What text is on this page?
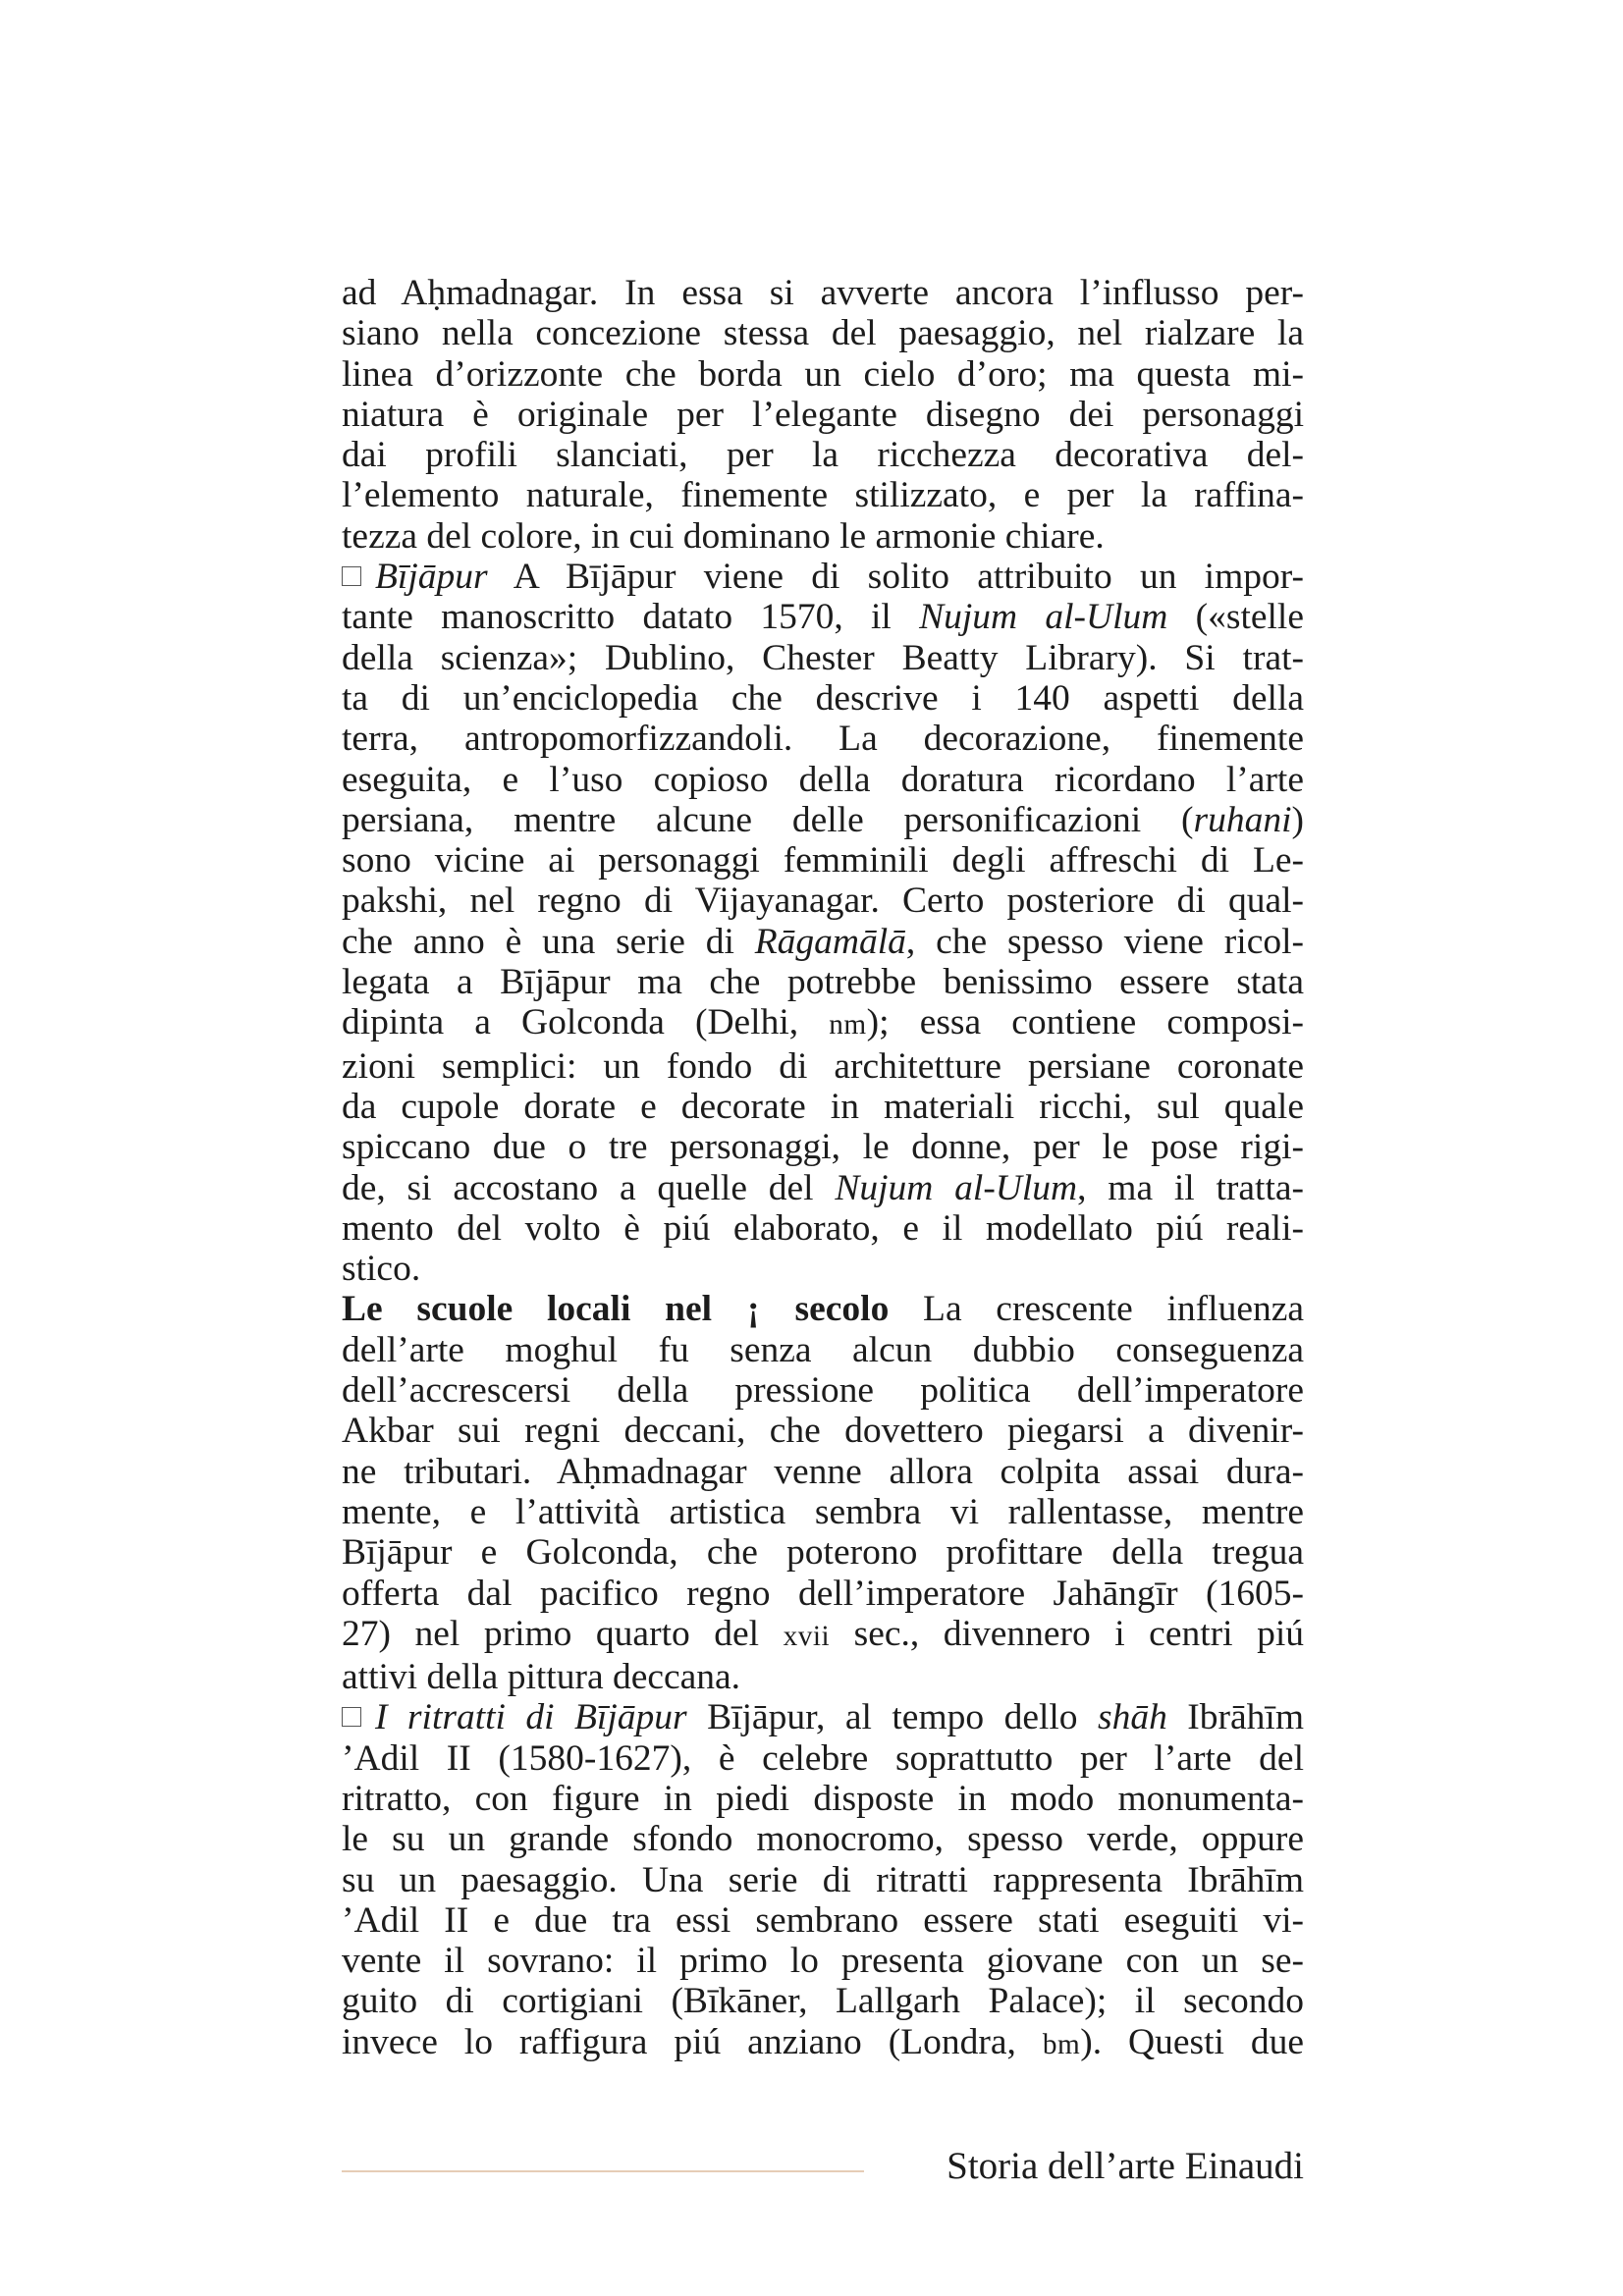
ad Aḥmadnagar. In essa si avverte ancora l’influsso per-
siano nella concezione stessa del paesaggio, nel rialzare la
linea d’orizzonte che borda un cielo d’oro; ma questa mi-
niatura è originale per l’elegante disegno dei personaggi
dai profili slanciati, per la ricchezza decorativa del-
l’elemento naturale, finemente stilizzato, e per la raffina-
tezza del colore, in cui dominano le armonie chiare.
Bījāpur A Bījāpur viene di solito attribuito un impor-
tante manoscritto datato 1570, il Nujum al-Ulum («stelle
della scienza»; Dublino, Chester Beatty Library). Si trat-
ta di un’enciclopedia che descrive i 140 aspetti della
terra, antropomorfizzandoli. La decorazione, finemente
eseguita, e l’uso copioso della doratura ricordano l’arte
persiana, mentre alcune delle personificazioni (ruhani)
sono vicine ai personaggi femminili degli affreschi di Le-
pakshi, nel regno di Vijayanagar. Certo posteriore di qual-
che anno è una serie di Rāgamālā, che spesso viene ricol-
legata a Bījāpur ma che potrebbe benissimo essere stata
dipinta a Golconda (Delhi, nm); essa contiene composi-
zioni semplici: un fondo di architetture persiane coronate
da cupole dorate e decorate in materiali ricchi, sul quale
spiccano due o tre personaggi, le donne, per le pose rigi-
de, si accostano a quelle del Nujum al-Ulum, ma il tratta-
mento del volto è piú elaborato, e il modellato piú reali-
stico.
Le scuole locali nel ¡ secolo La crescente influenza
dell’arte moghul fu senza alcun dubbio conseguenza
dell’accrescersi della pressione politica dell’imperatore
Akbar sui regni deccani, che dovettero piegarsi a divenir-
ne tributari. Aḥmadnagar venne allora colpita assai dura-
mente, e l’attività artistica sembra vi rallentasse, mentre
Bījāpur e Golconda, che poterono profittare della tregua
offerta dal pacifico regno dell’imperatore Jahāngīr (1605-
27) nel primo quarto del xvii sec., divennero i centri piú
attivi della pittura deccana.
I ritratti di Bījāpur Bījāpur, al tempo dello shāh Ibrāhīm
’Adil II (1580-1627), è celebre soprattutto per l’arte del
ritratto, con figure in piedi disposte in modo monumenta-
le su un grande sfondo monocromo, spesso verde, oppure
su un paesaggio. Una serie di ritratti rappresenta Ibrāhīm
’Adil II e due tra essi sembrano essere stati eseguiti vi-
vente il sovrano: il primo lo presenta giovane con un se-
guito di cortigiani (Bīkāner, Lallgarh Palace); il secondo
invece lo raffigura piú anziano (Londra, bm). Questi due
Storia dell’arte Einaudi
